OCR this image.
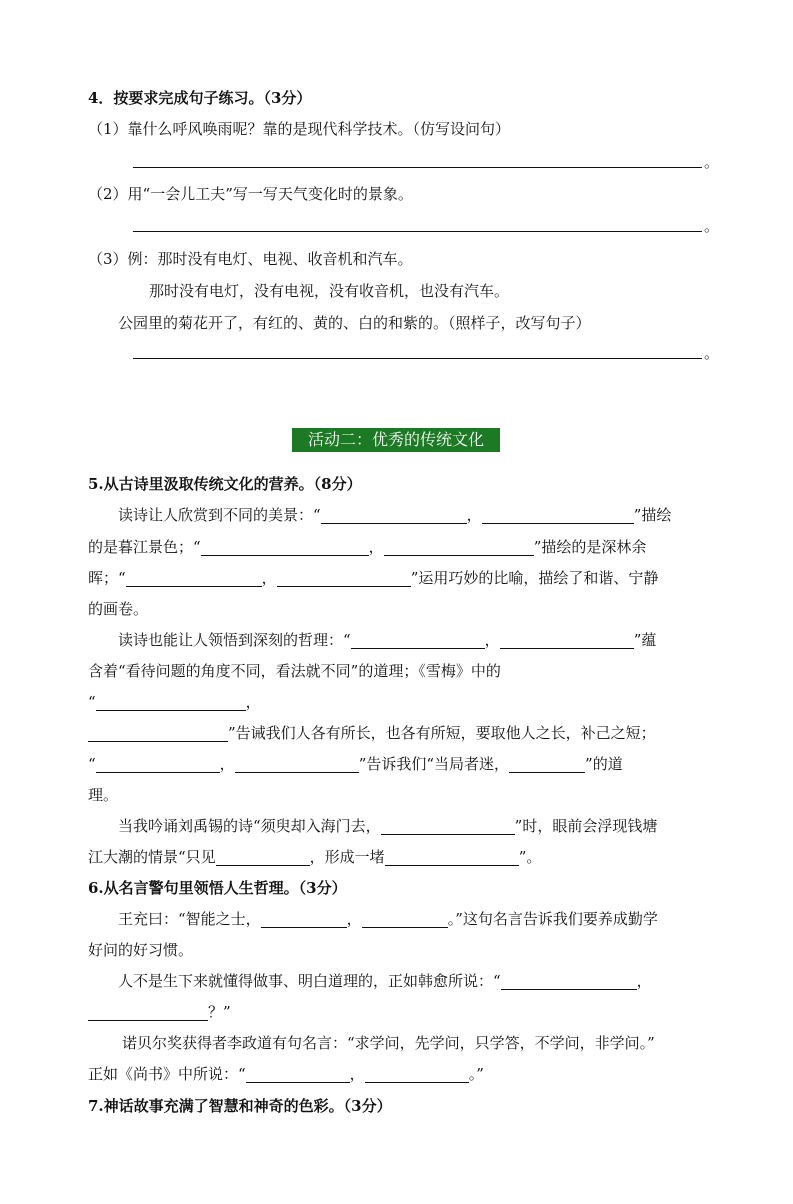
4．按要求完成句子练习。（3分）
（1）靠什么呼风唤雨呢？靠的是现代科学技术。（仿写设问句）
。
（2）用“一会儿工夫”写一写天气变化时的景象。
。
（3）例：那时没有电灯、电视、收音机和汽车。
那时没有电灯，没有电视，没有收音机，也没有汽车。
公园里的菊花开了，有红的、黄的、白的和紫的。（照样子，改写句子）
。
活动二：优秀的传统文化
5.从古诗里汲取传统文化的营养。（8分）
读诗让人欣赏到不同的美景：“	，	”描绘
的是暮江景色；“	，	”描绘的是深林余
晖；“	，	”运用巧妙的比喻，描绘了和谐、宁静
的画卷。
读诗也能让人领悟到深刻的哲理：“	，	”蕴
含着“看待问题的角度不同，看法就不同”的道理；《雪梅》中的
“	，
”告诫我们人各有所长，也各有所短，要取他人之长，补己之短；
“	，	”告诉我们“当局者迷，	”的道
理。
当我吟诵刘禹锡的诗“须臾却入海门去，	”时，眼前会浮现钱塘
江大潮的情景“只见	，形成一堵	”。
6.从名言警句里领悟人生哲理。（3分）
王充曰：“智能之士，	，	。”这句名言告诉我们要养成勤学
好问的好习惯。
人不是生下来就懂得做事、明白道理的，正如韩愈所说：“	，
？”
诺贝尔奖获得者李政道有句名言：“求学问，先学问，只学答，不学问，非学问。”
正如《尚书》中所说：“	，	。”
7.神话故事充满了智慧和神奇的色彩。（3分）
